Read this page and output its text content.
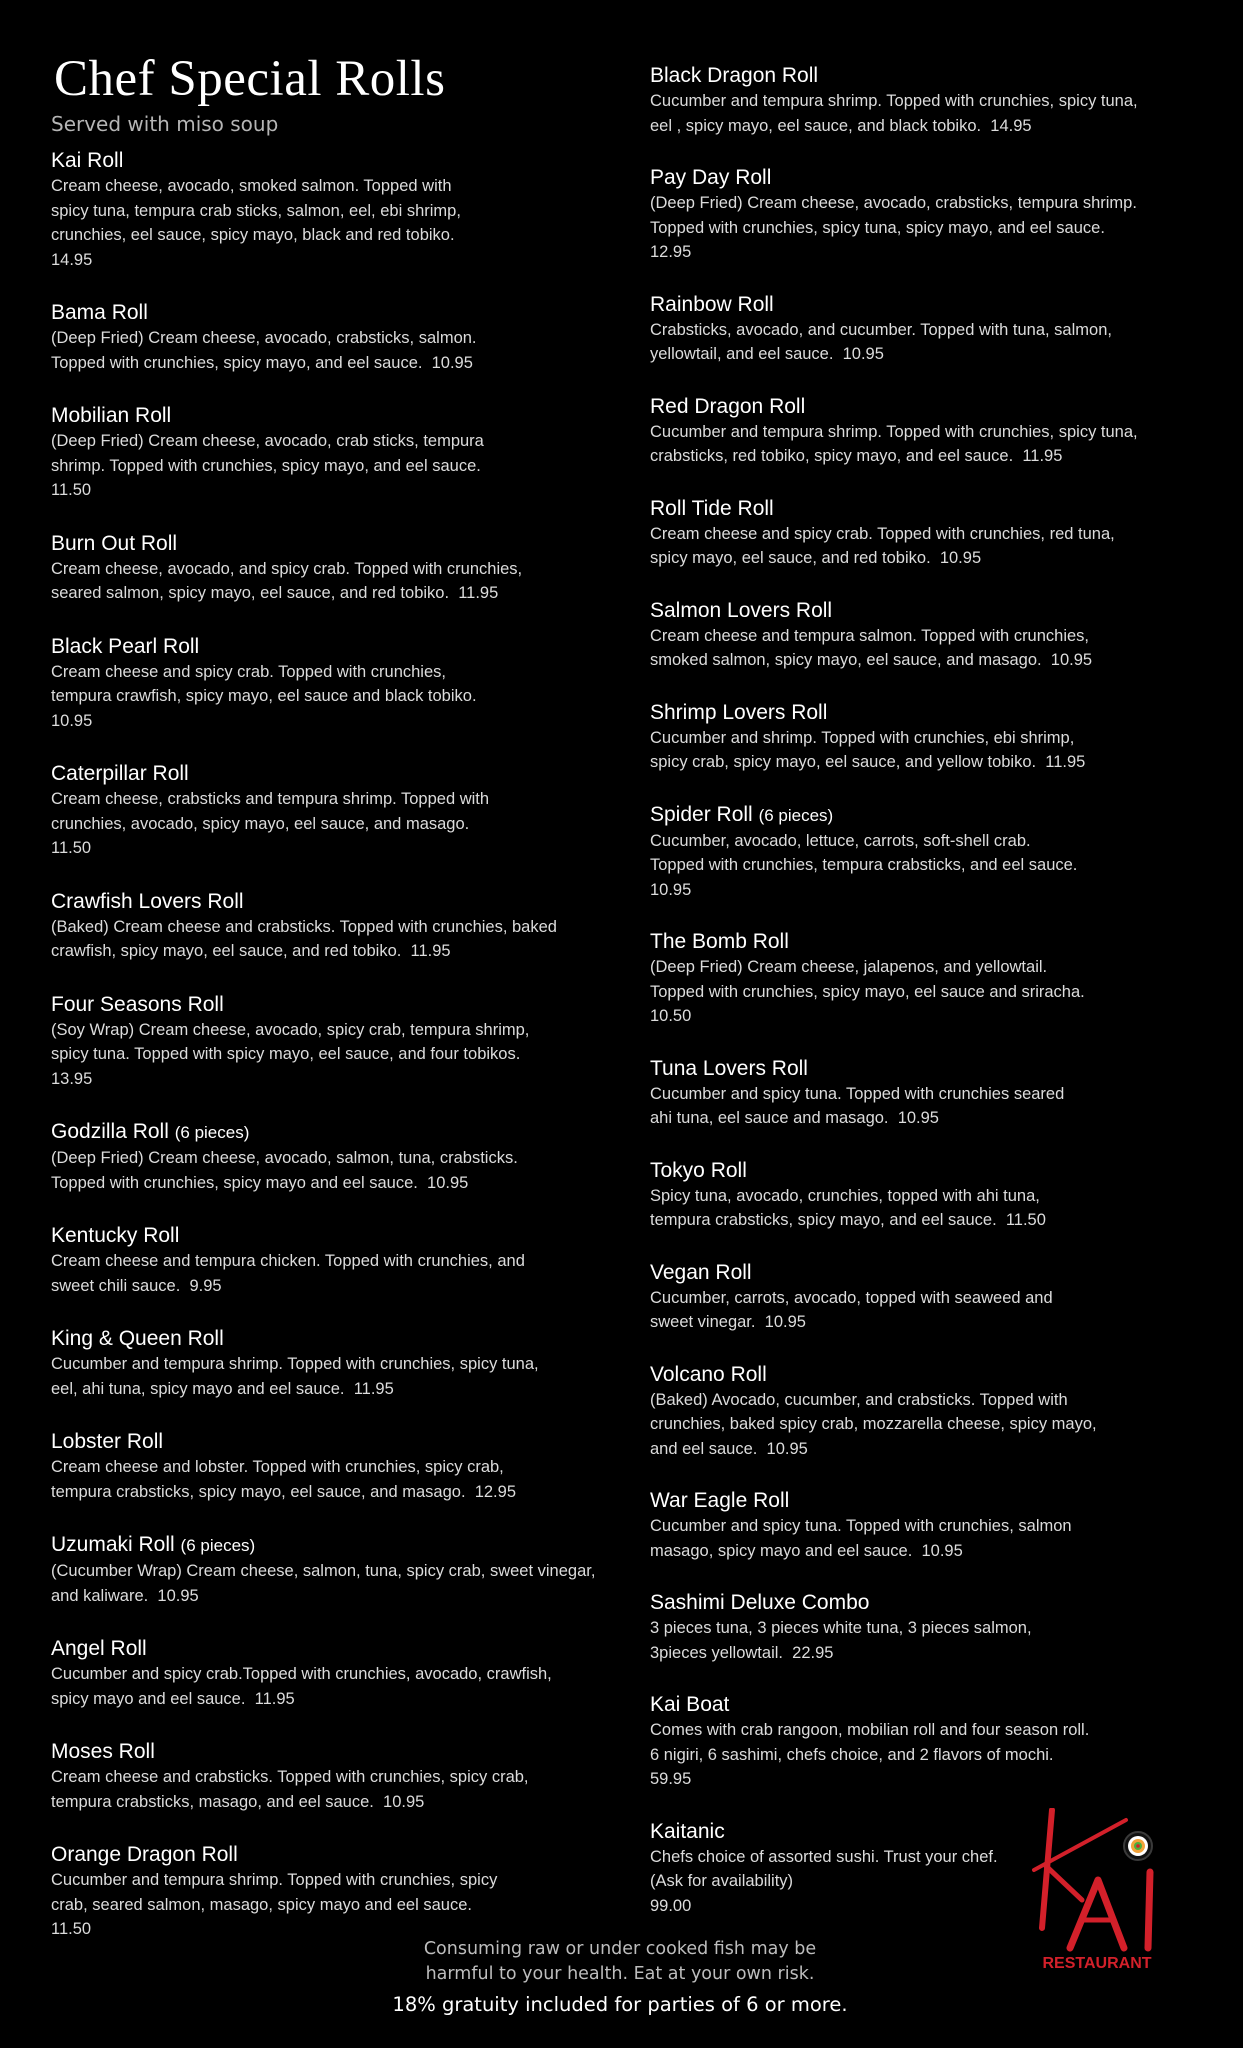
Chef Special Rolls
Served with miso soup
Kai Roll
Cream cheese, avocado, smoked salmon. Topped with
spicy tuna, tempura crab sticks, salmon, eel, ebi shrimp,
crunchies, eel sauce, spicy mayo, black and red tobiko.
14.95
Bama Roll
(Deep Fried) Cream cheese, avocado, crabsticks, salmon.
Topped with crunchies, spicy mayo, and eel sauce. 10.95
Mobilian Roll
(Deep Fried) Cream cheese, avocado, crab sticks, tempura
shrimp. Topped with crunchies, spicy mayo, and eel sauce.
11.50
Burn Out Roll
Cream cheese, avocado, and spicy crab. Topped with crunchies,
seared salmon, spicy mayo, eel sauce, and red tobiko. 11.95
Black Pearl Roll
Cream cheese and spicy crab. Topped with crunchies,
tempura crawfish, spicy mayo, eel sauce and black tobiko.
10.95
Caterpillar Roll
Cream cheese, crabsticks and tempura shrimp. Topped with
crunchies, avocado, spicy mayo, eel sauce, and masago.
11.50
Crawfish Lovers Roll
(Baked) Cream cheese and crabsticks. Topped with crunchies, baked
crawfish, spicy mayo, eel sauce, and red tobiko. 11.95
Four Seasons Roll
(Soy Wrap) Cream cheese, avocado, spicy crab, tempura shrimp,
spicy tuna. Topped with spicy mayo, eel sauce, and four tobikos.
13.95
Godzilla Roll (6 pieces)
(Deep Fried) Cream cheese, avocado, salmon, tuna, crabsticks.
Topped with crunchies, spicy mayo and eel sauce. 10.95
Kentucky Roll
Cream cheese and tempura chicken. Topped with crunchies, and
sweet chili sauce. 9.95
King & Queen Roll
Cucumber and tempura shrimp. Topped with crunchies, spicy tuna,
eel, ahi tuna, spicy mayo and eel sauce. 11.95
Lobster Roll
Cream cheese and lobster. Topped with crunchies, spicy crab,
tempura crabsticks, spicy mayo, eel sauce, and masago. 12.95
Uzumaki Roll (6 pieces)
(Cucumber Wrap) Cream cheese, salmon, tuna, spicy crab, sweet vinegar,
and kaliware. 10.95
Angel Roll
Cucumber and spicy crab.Topped with crunchies, avocado, crawfish,
spicy mayo and eel sauce. 11.95
Moses Roll
Cream cheese and crabsticks. Topped with crunchies, spicy crab,
tempura crabsticks, masago, and eel sauce. 10.95
Orange Dragon Roll
Cucumber and tempura shrimp. Topped with crunchies, spicy
crab, seared salmon, masago, spicy mayo and eel sauce.
11.50
Black Dragon Roll
Cucumber and tempura shrimp. Topped with crunchies, spicy tuna,
eel , spicy mayo, eel sauce, and black tobiko. 14.95
Pay Day Roll
(Deep Fried) Cream cheese, avocado, crabsticks, tempura shrimp.
Topped with crunchies, spicy tuna, spicy mayo, and eel sauce.
12.95
Rainbow Roll
Crabsticks, avocado, and cucumber. Topped with tuna, salmon,
yellowtail, and eel sauce. 10.95
Red Dragon Roll
Cucumber and tempura shrimp. Topped with crunchies, spicy tuna,
crabsticks, red tobiko, spicy mayo, and eel sauce. 11.95
Roll Tide Roll
Cream cheese and spicy crab. Topped with crunchies, red tuna,
spicy mayo, eel sauce, and red tobiko. 10.95
Salmon Lovers Roll
Cream cheese and tempura salmon. Topped with crunchies,
smoked salmon, spicy mayo, eel sauce, and masago. 10.95
Shrimp Lovers Roll
Cucumber and shrimp. Topped with crunchies, ebi shrimp,
spicy crab, spicy mayo, eel sauce, and yellow tobiko. 11.95
Spider Roll (6 pieces)
Cucumber, avocado, lettuce, carrots, soft-shell crab.
Topped with crunchies, tempura crabsticks, and eel sauce.
10.95
The Bomb Roll
(Deep Fried) Cream cheese, jalapenos, and yellowtail.
Topped with crunchies, spicy mayo, eel sauce and sriracha.
10.50
Tuna Lovers Roll
Cucumber and spicy tuna. Topped with crunchies seared
ahi tuna, eel sauce and masago. 10.95
Tokyo Roll
Spicy tuna, avocado, crunchies, topped with ahi tuna,
tempura crabsticks, spicy mayo, and eel sauce. 11.50
Vegan Roll
Cucumber, carrots, avocado, topped with seaweed and
sweet vinegar. 10.95
Volcano Roll
(Baked) Avocado, cucumber, and crabsticks. Topped with
crunchies, baked spicy crab, mozzarella cheese, spicy mayo,
and eel sauce. 10.95
War Eagle Roll
Cucumber and spicy tuna. Topped with crunchies, salmon
masago, spicy mayo and eel sauce. 10.95
Sashimi Deluxe Combo
3 pieces tuna, 3 pieces white tuna, 3 pieces salmon,
3pieces yellowtail. 22.95
Kai Boat
Comes with crab rangoon, mobilian roll and four season roll.
6 nigiri, 6 sashimi, chefs choice, and 2 flavors of mochi.
59.95
Kaitanic
Chefs choice of assorted sushi. Trust your chef.
(Ask for availability)
99.00
Consuming raw or under cooked fish may be
harmful to your health. Eat at your own risk.
18% gratuity included for parties of 6 or more.
RESTAURANT
